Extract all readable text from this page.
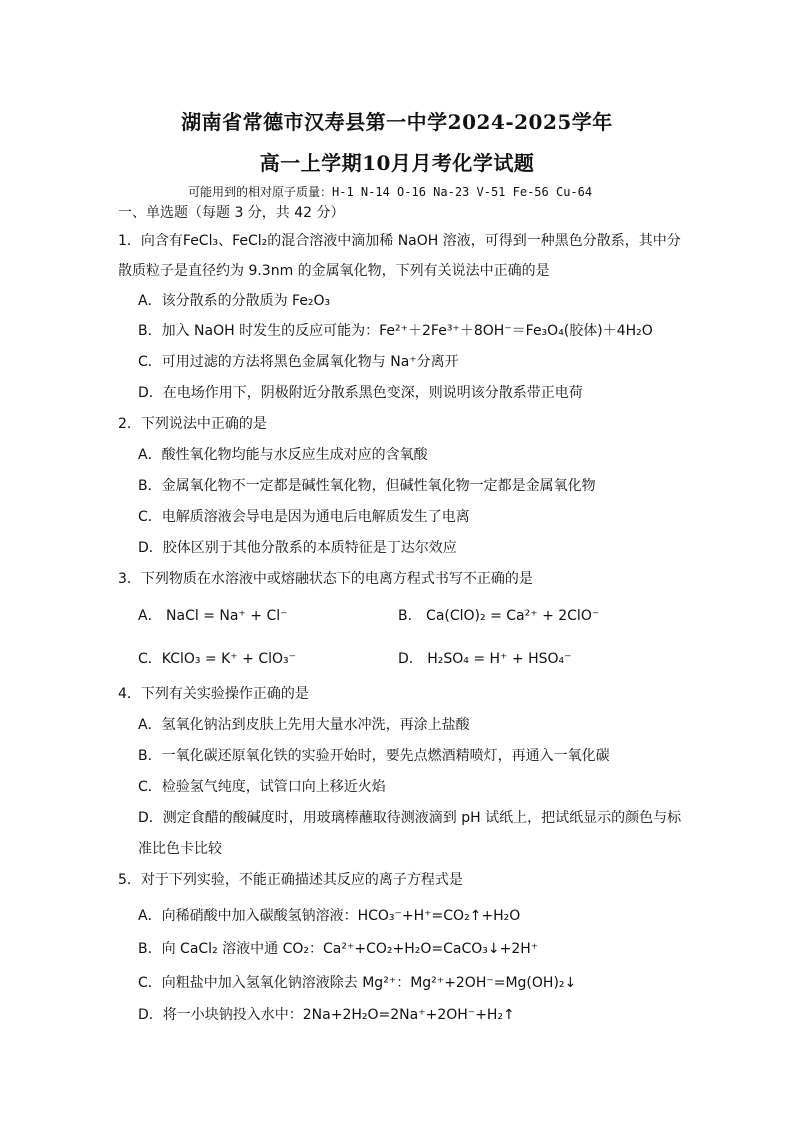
湖南省常德市汉寿县第一中学2024-2025学年
高一上学期10月月考化学试题
可能用到的相对原子质量：H-1 N-14 O-16 Na-23 V-51 Fe-56 Cu-64
一、单选题（每题 3 分，共 42 分）
1．向含有FeCl₃、FeCl₂的混合溶液中滴加稀 NaOH 溶液，可得到一种黑色分散系，其中分
散质粒子是直径约为 9.3nm 的金属氧化物，下列有关说法中正确的是
A．该分散系的分散质为 Fe₂O₃
B．加入 NaOH 时发生的反应可能为：Fe²⁺＋2Fe³⁺＋8OH⁻＝Fe₃O₄(胶体)＋4H₂O
C．可用过滤的方法将黑色金属氧化物与 Na⁺分离开
D．在电场作用下，阴极附近分散系黑色变深，则说明该分散系带正电荷
2．下列说法中正确的是
A．酸性氧化物均能与水反应生成对应的含氧酸
B．金属氧化物不一定都是碱性氧化物，但碱性氧化物一定都是金属氧化物
C．电解质溶液会导电是因为通电后电解质发生了电离
D．胶体区别于其他分散系的本质特征是丁达尔效应
3．下列物质在水溶液中或熔融状态下的电离方程式书写不正确的是
A． NaCl = Na⁺ + Cl⁻	B． Ca(ClO)₂ = Ca²⁺ + 2ClO⁻
C．KClO₃ = K⁺ + ClO₃⁻	D． H₂SO₄ = H⁺ + HSO₄⁻
4．下列有关实验操作正确的是
A．氢氧化钠沾到皮肤上先用大量水冲洗，再涂上盐酸
B．一氧化碳还原氧化铁的实验开始时，要先点燃酒精喷灯，再通入一氧化碳
C．检验氢气纯度，试管口向上移近火焰
D．测定食醋的酸碱度时，用玻璃棒蘸取待测液滴到 pH 试纸上，把试纸显示的颜色与标
准比色卡比较
5．对于下列实验，不能正确描述其反应的离子方程式是
A．向稀硝酸中加入碳酸氢钠溶液：HCO₃⁻+H⁺=CO₂↑+H₂O
B．向 CaCl₂ 溶液中通 CO₂：Ca²⁺+CO₂+H₂O=CaCO₃↓+2H⁺
C．向粗盐中加入氢氧化钠溶液除去 Mg²⁺：Mg²⁺+2OH⁻=Mg(OH)₂↓
D．将一小块钠投入水中：2Na+2H₂O=2Na⁺+2OH⁻+H₂↑
